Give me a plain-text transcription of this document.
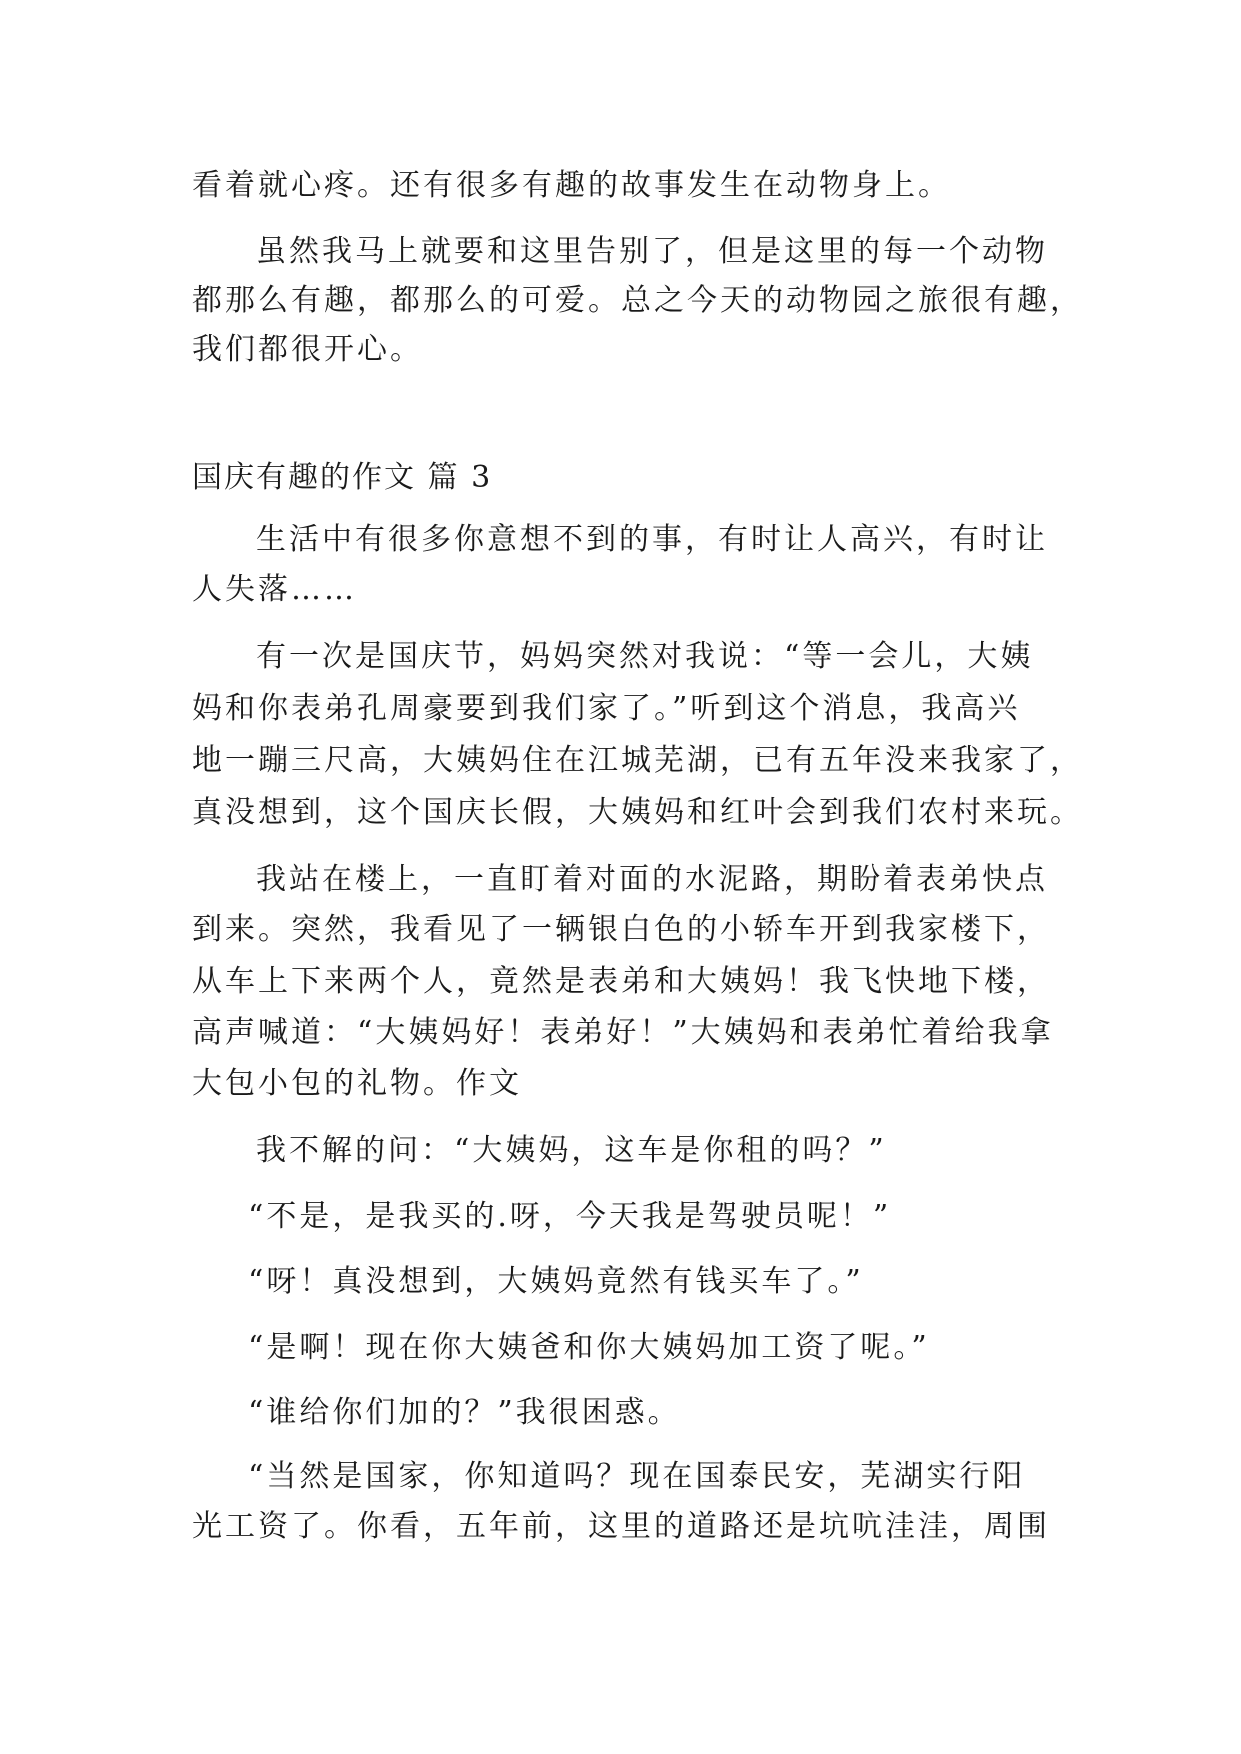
看着就心疼。还有很多有趣的故事发生在动物身上。
虽然我马上就要和这里告别了，但是这里的每一个动物
都那么有趣，都那么的可爱。总之今天的动物园之旅很有趣，
我们都很开心。
国庆有趣的作文 篇 3
生活中有很多你意想不到的事，有时让人高兴，有时让
人失落……
有一次是国庆节，妈妈突然对我说：“等一会儿，大姨
妈和你表弟孔周豪要到我们家了。”听到这个消息，我高兴
地一蹦三尺高，大姨妈住在江城芜湖，已有五年没来我家了，
真没想到，这个国庆长假，大姨妈和红叶会到我们农村来玩。
我站在楼上，一直盯着对面的水泥路，期盼着表弟快点
到来。突然，我看见了一辆银白色的小轿车开到我家楼下，
从车上下来两个人，竟然是表弟和大姨妈！我飞快地下楼，
高声喊道：“大姨妈好！表弟好！”大姨妈和表弟忙着给我拿
大包小包的礼物。作文
我不解的问：“大姨妈，这车是你租的吗？”
“不是，是我买的.呀，今天我是驾驶员呢！”
“呀！真没想到，大姨妈竟然有钱买车了。”
“是啊！现在你大姨爸和你大姨妈加工资了呢。”
“谁给你们加的？”我很困惑。
“当然是国家，你知道吗？现在国泰民安，芜湖实行阳
光工资了。你看，五年前，这里的道路还是坑吭洼洼，周围
